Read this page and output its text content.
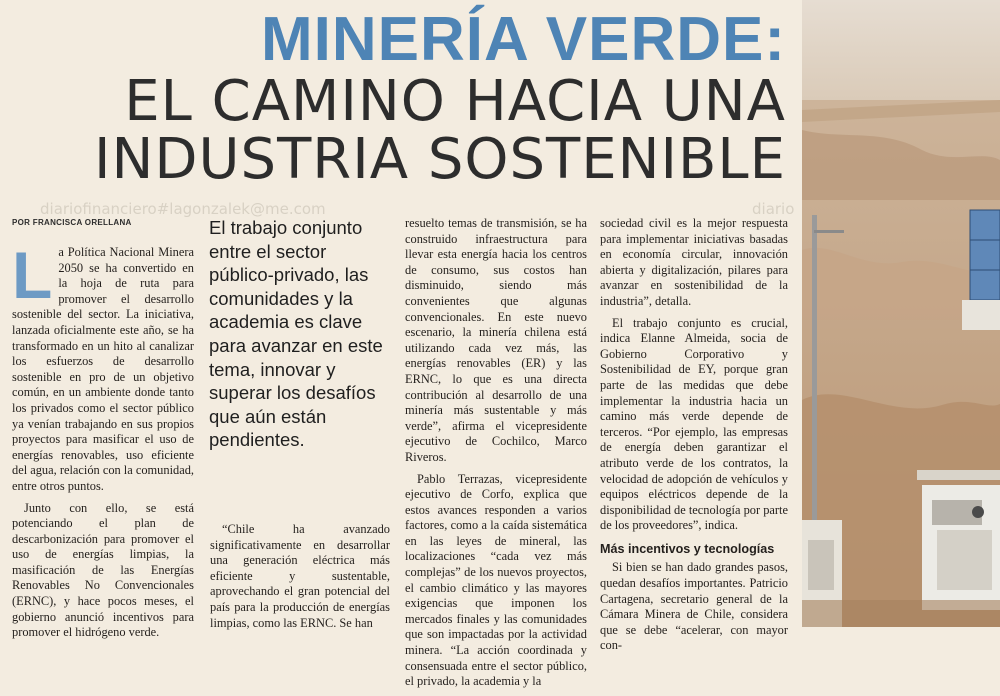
MINERÍA VERDE:
EL CAMINO HACIA UNA
INDUSTRIA SOSTENIBLE
diariofinanciero#lagonzalek@me.com	diario
POR FRANCISCA ORELLANA

La Política Nacional Minera 2050 se ha convertido en la hoja de ruta para promover el desarrollo sostenible del sector. La iniciativa, lanzada oficialmente este año, se ha transformado en un hito al canalizar los esfuerzos de desarrollo sostenible en pro de un objetivo común, en un ambiente donde tanto los privados como el sector público ya venían trabajando en sus propios proyectos para masificar el uso de energías renovables, uso eficiente del agua, relación con la comunidad, entre otros puntos.

Junto con ello, se está potenciando el plan de descarbonización para promover el uso de energías limpias, la masificación de las Energías Renovables No Convencionales (ERNC), y hace pocos meses, el gobierno anunció incentivos para promover el hidrógeno verde.

El trabajo conjunto entre el sector público-privado, las comunidades y la academia es clave para avanzar en este tema, innovar y superar los desafíos que aún están pendientes.

“Chile ha avanzado significativamente en desarrollar una generación eléctrica más eficiente y sustentable, aprovechando el gran potencial del país para la producción de energías limpias, como las ERNC. Se han

resuelto temas de transmisión, se ha construido infraestructura para llevar esta energía hacia los centros de consumo, sus costos han disminuido, siendo más convenientes que algunas convencionales. En este nuevo escenario, la minería chilena está utilizando cada vez más, las energías renovables (ER) y las ERNC, lo que es una directa contribución al desarrollo de una minería más sustentable y más verde”, afirma el vicepresidente ejecutivo de Cochilco, Marco Riveros.

Pablo Terrazas, vicepresidente ejecutivo de Corfo, explica que estos avances responden a varios factores, como a la caída sistemática en las leyes de mineral, las localizaciones “cada vez más complejas” de los nuevos proyectos, el cambio climático y las mayores exigencias que imponen los mercados finales y las comunidades que son impactadas por la actividad minera. “La acción coordinada y consensuada entre el sector público, el privado, la academia y la

sociedad civil es la mejor respuesta para implementar iniciativas basadas en economía circular, innovación abierta y digitalización, pilares para avanzar en sostenibilidad de la industria”, detalla.

El trabajo conjunto es crucial, indica Elanne Almeida, socia de Gobierno Corporativo y Sostenibilidad de EY, porque gran parte de las medidas que debe implementar la industria hacia un camino más verde depende de terceros. “Por ejemplo, las empresas de energía deben garantizar el atributo verde de los contratos, la velocidad de adopción de vehículos y equipos eléctricos depende de la disponibilidad de tecnología por parte de los proveedores”, indica.

Más incentivos y tecnologías

Si bien se han dado grandes pasos, quedan desafíos importantes. Patricio Cartagena, secretario general de la Cámara Minera de Chile, considera que se debe “acelerar, con mayor con-
